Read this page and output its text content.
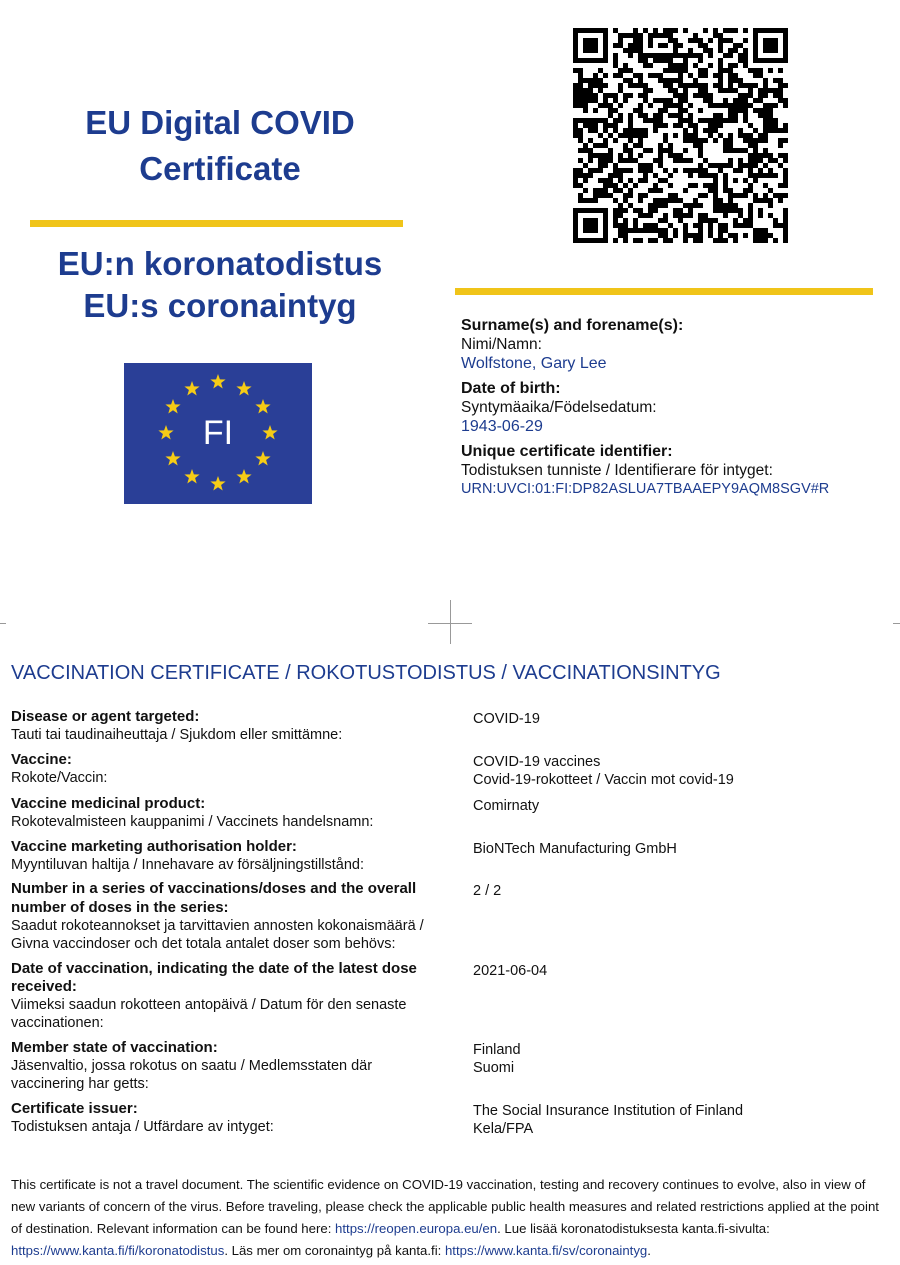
EU Digital COVID
Certificate
EU:n koronatodistus
EU:s coronaintyg
FI
Surname(s) and forename(s):
Nimi/Namn:
Wolfstone, Gary Lee
Date of birth:
Syntymäaika/Födelsedatum:
1943-06-29
Unique certificate identifier:
Todistuksen tunniste / Identifierare för intyget:
URN:UVCI:01:FI:DP82ASLUA7TBAAEPY9AQM8SGV#R
VACCINATION CERTIFICATE / ROKOTUSTODISTUS / VACCINATIONSINTYG
Disease or agent targeted:
Tauti tai taudinaiheuttaja / Sjukdom eller smittämne:
COVID-19
Vaccine:
Rokote/Vaccin:
COVID-19 vaccines
Covid-19-rokotteet / Vaccin mot covid-19
Vaccine medicinal product:
Rokotevalmisteen kauppanimi / Vaccinets handelsnamn:
Comirnaty
Vaccine marketing authorisation holder:
Myyntiluvan haltija / Innehavare av försäljningstillstånd:
BioNTech Manufacturing GmbH
Number in a series of vaccinations/doses and the overall number of doses in the series:
Saadut rokoteannokset ja tarvittavien annosten kokonaismäärä / Givna vaccindoser och det totala antalet doser som behövs:
2 / 2
Date of vaccination, indicating the date of the latest dose received:
Viimeksi saadun rokotteen antopäivä / Datum för den senaste vaccinationen:
2021-06-04
Member state of vaccination:
Jäsenvaltio, jossa rokotus on saatu / Medlemsstaten där vaccinering har getts:
Finland
Suomi
Certificate issuer:
Todistuksen antaja / Utfärdare av intyget:
The Social Insurance Institution of Finland
Kela/FPA
This certificate is not a travel document. The scientific evidence on COVID-19 vaccination, testing and recovery continues to evolve, also in view of new variants of concern of the virus. Before traveling, please check the applicable public health measures and related restrictions applied at the point of destination. Relevant information can be found here: https://reopen.europa.eu/en. Lue lisää koronatodistuksesta kanta.fi-sivulta: https://www.kanta.fi/fi/koronatodistus. Läs mer om coronaintyg på kanta.fi: https://www.kanta.fi/sv/coronaintyg.
